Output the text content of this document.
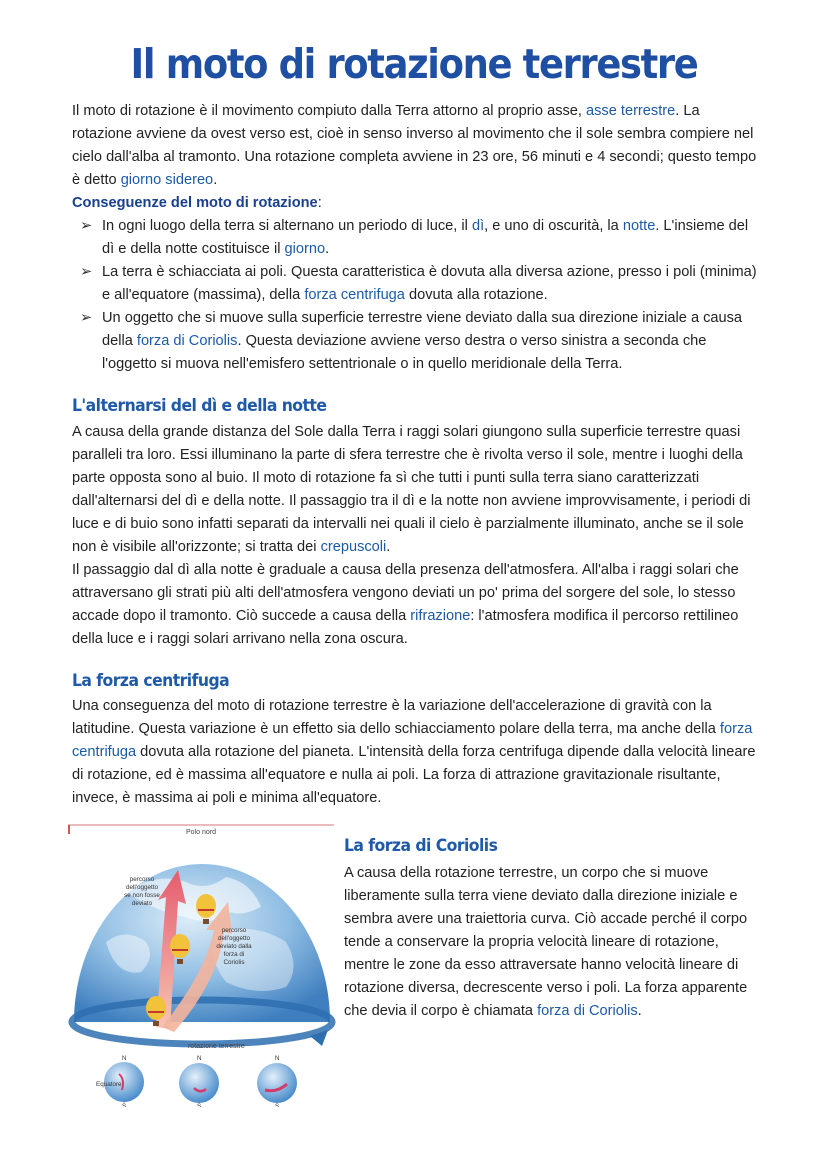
Il moto di rotazione terrestre

Il moto di rotazione è il movimento compiuto dalla Terra attorno al proprio asse, asse terrestre. La rotazione avviene da ovest verso est, cioè in senso inverso al movimento che il sole sembra compiere nel cielo dall'alba al tramonto. Una rotazione completa avviene in 23 ore, 56 minuti e 4 secondi; questo tempo è detto giorno sidereo.

Conseguenze del moto di rotazione:

➢ In ogni luogo della terra si alternano un periodo di luce, il dì, e uno di oscurità, la notte. L'insieme del dì e della notte costituisce il giorno.
➢ La terra è schiacciata ai poli. Questa caratteristica è dovuta alla diversa azione, presso i poli (minima) e all'equatore (massima), della forza centrifuga dovuta alla rotazione.
➢ Un oggetto che si muove sulla superficie terrestre viene deviato dalla sua direzione iniziale a causa della forza di Coriolis. Questa deviazione avviene verso destra o verso sinistra a seconda che l'oggetto si muova nell'emisfero settentrionale o in quello meridionale della Terra.
L'alternarsi del dì e della notte

A causa della grande distanza del Sole dalla Terra i raggi solari giungono sulla superficie terrestre quasi paralleli tra loro. Essi illuminano la parte di sfera terrestre che è rivolta verso il sole, mentre i luoghi della parte opposta sono al buio. Il moto di rotazione fa sì che tutti i punti sulla terra siano caratterizzati dall'alternarsi del dì e della notte. Il passaggio tra il dì e la notte non avviene improvvisamente, i periodi di luce e di buio sono infatti separati da intervalli nei quali il cielo è parzialmente illuminato, anche se il sole non è visibile all'orizzonte; si tratta dei crepuscoli.

Il passaggio dal dì alla notte è graduale a causa della presenza dell'atmosfera. All'alba i raggi solari che attraversano gli strati più alti dell'atmosfera vengono deviati un po' prima del sorgere del sole, lo stesso accade dopo il tramonto. Ciò succede a causa della rifrazione: l'atmosfera modifica il percorso rettilineo della luce e i raggi solari arrivano nella zona oscura.

La forza centrifuga

Una conseguenza del moto di rotazione terrestre è la variazione dell'accelerazione di gravità con la latitudine. Questa variazione è un effetto sia dello schiacciamento polare della terra, ma anche della forza centrifuga dovuta alla rotazione del pianeta. L'intensità della forza centrifuga dipende dalla velocità lineare di rotazione, ed è massima all'equatore e nulla ai poli. La forza di attrazione gravitazionale risultante, invece, è massima ai poli e minima all'equatore.

Polo nord
percorso
dell'oggetto
se non fosse
deviato
percorso
dell'oggetto
deviato dalla
forza di
Coriolis
rotazione terrestre
N
Equatore
S
N
S
N
S
La forza di Coriolis

A causa della rotazione terrestre, un corpo che si muove liberamente sulla terra viene deviato dalla direzione iniziale e sembra avere una traiettoria curva. Ciò accade perché il corpo tende a conservare la propria velocità lineare di rotazione, mentre le zone da esso attraversate hanno velocità lineare di rotazione diversa, decrescente verso i poli. La forza apparente che devia il corpo è chiamata forza di Coriolis.
